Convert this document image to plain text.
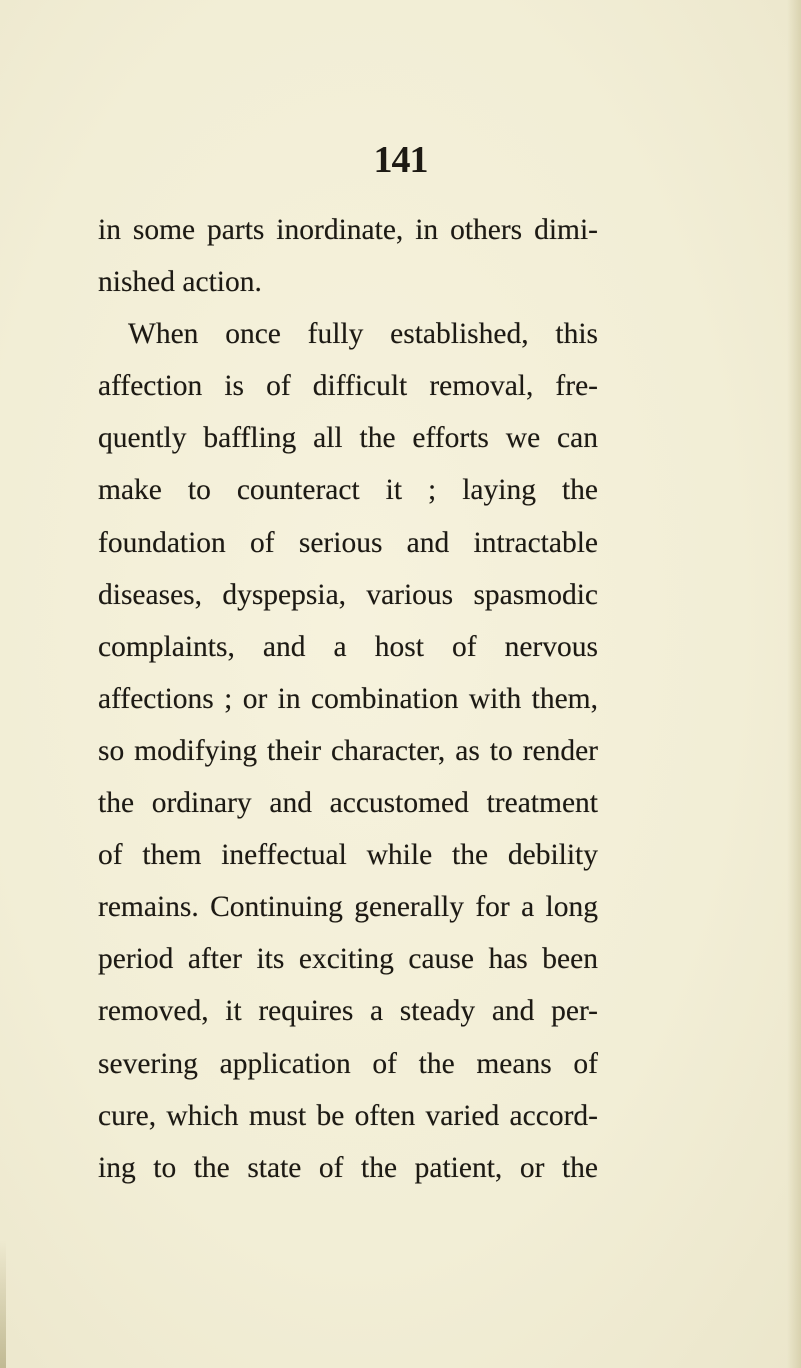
141
in some parts inordinate, in others dimi-
nished action.
When once fully established, this
affection is of difficult removal, fre-
quently baffling all the efforts we can
make to counteract it ; laying the
foundation of serious and intractable
diseases, dyspepsia, various spasmodic
complaints, and a host of nervous
affections ; or in combination with them,
so modifying their character, as to render
the ordinary and accustomed treatment
of them ineffectual while the debility
remains. Continuing generally for a long
period after its exciting cause has been
removed, it requires a steady and per-
severing application of the means of
cure, which must be often varied accord-
ing to the state of the patient, or the
